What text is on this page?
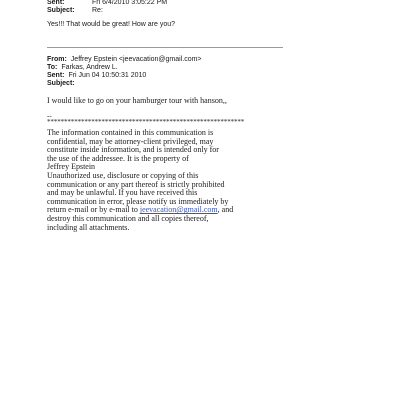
Sent:	Fri 6/4/2010 3:05:22 PM
Subject: Re:
Yes!!! That would be great! How are you?
From: Jeffrey Epstein <jeevacation@gmail.com>
To: Farkas, Andrew L.
Sent: Fri Jun 04 10:50:31 2010
Subject:
I would like to go on your hamburger tour with hanson,,
--
**********************************************************
The information contained in this communication is
confidential, may be attorney-client privileged, may
constitute inside information, and is intended only for
the use of the addressee. It is the property of
Jeffrey Epstein
Unauthorized use, disclosure or copying of this
communication or any part thereof is strictly prohibited
and may be unlawful. If you have received this
communication in error, please notify us immediately by
return e-mail or by e-mail to jeevacation@gmail.com, and
destroy this communication and all copies thereof,
including all attachments.
